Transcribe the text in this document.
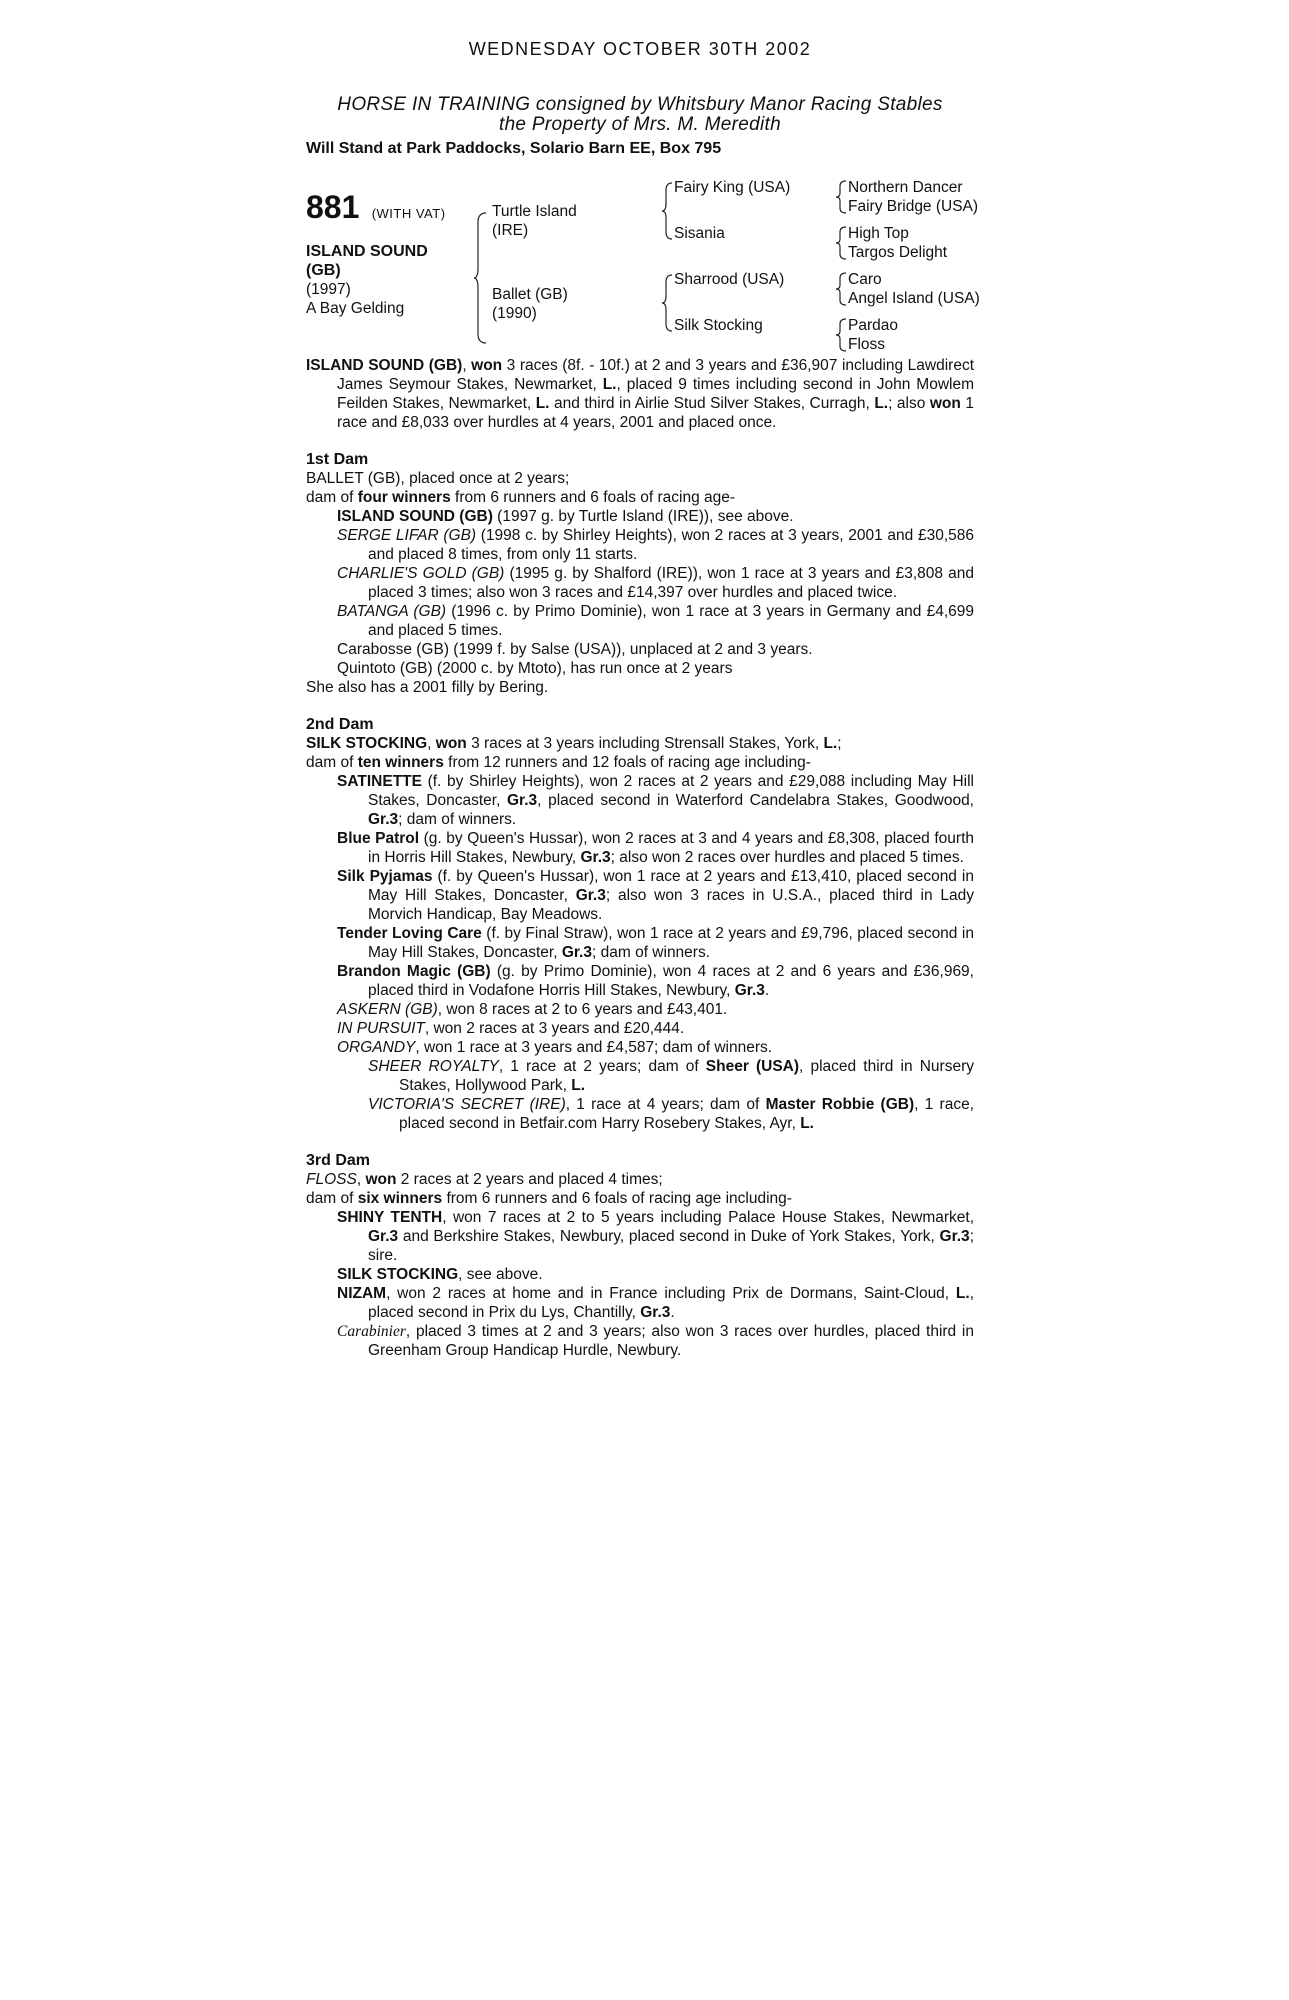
WEDNESDAY OCTOBER 30TH 2002
HORSE IN TRAINING consigned by Whitsbury Manor Racing Stables
the Property of Mrs. M. Meredith
Will Stand at Park Paddocks, Solario Barn EE, Box 795
881 (WITH VAT)
ISLAND SOUND
(GB)
(1997)
A Bay Gelding
Turtle Island
(IRE)
Ballet (GB)
(1990)
Fairy King (USA)
Sisania
Sharrood (USA)
Silk Stocking
Northern Dancer
Fairy Bridge (USA)
High Top
Targos Delight
Caro
Angel Island (USA)
Pardao
Floss

ISLAND SOUND (GB), won 3 races (8f. - 10f.) at 2 and 3 years and £36,907 including Lawdirect James Seymour Stakes, Newmarket, L., placed 9 times including second in John Mowlem Feilden Stakes, Newmarket, L. and third in Airlie Stud Silver Stakes, Curragh, L.; also won 1 race and £8,033 over hurdles at 4 years, 2001 and placed once.

1st Dam

BALLET (GB), placed once at 2 years;

dam of four winners from 6 runners and 6 foals of racing age-

ISLAND SOUND (GB) (1997 g. by Turtle Island (IRE)), see above.

SERGE LIFAR (GB) (1998 c. by Shirley Heights), won 2 races at 3 years, 2001 and £30,586 and placed 8 times, from only 11 starts.

CHARLIE'S GOLD (GB) (1995 g. by Shalford (IRE)), won 1 race at 3 years and £3,808 and placed 3 times; also won 3 races and £14,397 over hurdles and placed twice.

BATANGA (GB) (1996 c. by Primo Dominie), won 1 race at 3 years in Germany and £4,699 and placed 5 times.

Carabosse (GB) (1999 f. by Salse (USA)), unplaced at 2 and 3 years.

Quintoto (GB) (2000 c. by Mtoto), has run once at 2 years

She also has a 2001 filly by Bering.

2nd Dam

SILK STOCKING, won 3 races at 3 years including Strensall Stakes, York, L.;

dam of ten winners from 12 runners and 12 foals of racing age including-

SATINETTE (f. by Shirley Heights), won 2 races at 2 years and £29,088 including May Hill Stakes, Doncaster, Gr.3, placed second in Waterford Candelabra Stakes, Goodwood, Gr.3; dam of winners.

Blue Patrol (g. by Queen's Hussar), won 2 races at 3 and 4 years and £8,308, placed fourth in Horris Hill Stakes, Newbury, Gr.3; also won 2 races over hurdles and placed 5 times.

Silk Pyjamas (f. by Queen's Hussar), won 1 race at 2 years and £13,410, placed second in May Hill Stakes, Doncaster, Gr.3; also won 3 races in U.S.A., placed third in Lady Morvich Handicap, Bay Meadows.

Tender Loving Care (f. by Final Straw), won 1 race at 2 years and £9,796, placed second in May Hill Stakes, Doncaster, Gr.3; dam of winners.

Brandon Magic (GB) (g. by Primo Dominie), won 4 races at 2 and 6 years and £36,969, placed third in Vodafone Horris Hill Stakes, Newbury, Gr.3.

ASKERN (GB), won 8 races at 2 to 6 years and £43,401.

IN PURSUIT, won 2 races at 3 years and £20,444.

ORGANDY, won 1 race at 3 years and £4,587; dam of winners.

SHEER ROYALTY, 1 race at 2 years; dam of Sheer (USA), placed third in Nursery Stakes, Hollywood Park, L.

VICTORIA'S SECRET (IRE), 1 race at 4 years; dam of Master Robbie (GB), 1 race, placed second in Betfair.com Harry Rosebery Stakes, Ayr, L.

3rd Dam

FLOSS, won 2 races at 2 years and placed 4 times;

dam of six winners from 6 runners and 6 foals of racing age including-

SHINY TENTH, won 7 races at 2 to 5 years including Palace House Stakes, Newmarket, Gr.3 and Berkshire Stakes, Newbury, placed second in Duke of York Stakes, York, Gr.3; sire.

SILK STOCKING, see above.

NIZAM, won 2 races at home and in France including Prix de Dormans, Saint-Cloud, L., placed second in Prix du Lys, Chantilly, Gr.3.

Carabinier, placed 3 times at 2 and 3 years; also won 3 races over hurdles, placed third in Greenham Group Handicap Hurdle, Newbury.
